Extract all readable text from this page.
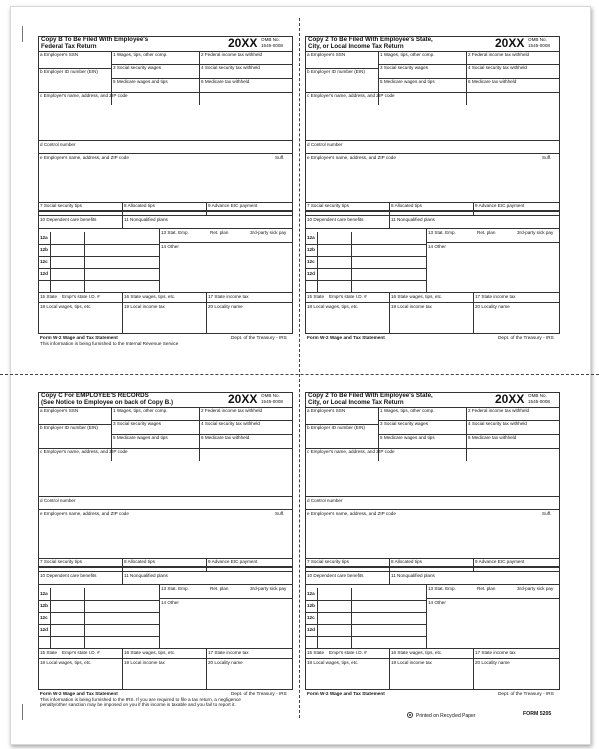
Copy B To Be Filed With Employee's
Federal Tax Return	20XX OMB No.
1545-0008
a Employee's SSN	1 Wages, tips, other comp.	2 Federal income tax withheld
3 Social security wages	4 Social security tax withheld
b Employer ID number (EIN)
5 Medicare wages and tips	6 Medicare tax withheld
c Employer's name, address, and ZIP code
d Control number
e Employee's name, address, and ZIP code	Suff.
7 Social security tips	8 Allocated tips	9 Advance EIC payment
10 Dependent care benefits	11 Nonqualified plans
13 Stat. Emp.	Ret. plan	3rd-party sick pay
14 Other
12a
12b
12c
12d
15 State Empr's state I.D. #	16 State wages, tips, etc.	17 State income tax
18 Local wages, tips, etc.	19 Local income tax	20 Locality name
Form W-2 Wage and Tax Statement	Dept. of the Treasury - IRS
This information is being furnished to the Internal Revenue Service
Copy 2 To Be Filed With Employee's State,
City, or Local Income Tax Return	20XX OMB No.
1545-0008
a Employee's SSN	1 Wages, tips, other comp.	2 Federal income tax withheld
3 Social security wages	4 Social security tax withheld
b Employer ID number (EIN)
5 Medicare wages and tips	6 Medicare tax withheld
c Employer's name, address, and ZIP code
d Control number
e Employee's name, address, and ZIP code	Suff.
7 Social security tips	8 Allocated tips	9 Advance EIC payment
10 Dependent care benefits	11 Nonqualified plans
13 Stat. Emp.	Ret. plan	3rd-party sick pay
14 Other
12a
12b
12c
12d
15 State Empr's state I.D. #	16 State wages, tips, etc.	17 State income tax
18 Local wages, tips, etc.	19 Local income tax	20 Locality name
Form W-2 Wage and Tax Statement	Dept. of the Treasury - IRS
Copy C For EMPLOYEE'S RECORDS
(See Notice to Employee on back of Copy B.)	20XX OMB No.
1545-0008
a Employee's SSN	1 Wages, tips, other comp.	2 Federal income tax withheld
3 Social security wages	4 Social security tax withheld
b Employer ID number (EIN)
5 Medicare wages and tips	6 Medicare tax withheld
c Employer's name, address, and ZIP code
d Control number
e Employee's name, address, and ZIP code	Suff.
7 Social security tips	8 Allocated tips	9 Advance EIC payment
10 Dependent care benefits	11 Nonqualified plans
13 Stat. Emp.	Ret. plan	3rd-party sick pay
14 Other
12a
12b
12c
12d
15 State Empr's state I.D. #	16 State wages, tips, etc.	17 State income tax
18 Local wages, tips, etc.	19 Local income tax	20 Locality name
Form W-2 Wage and Tax Statement	Dept. of the Treasury - IRS
This information is being furnished to the IRS. If you are required to file a tax return, a negligence
penalty/other sanction may be imposed on you if this income is taxable and you fail to report it.
Copy 2 To Be Filed With Employee's State,
City, or Local Income Tax Return	20XX OMB No.
1545-0008
a Employee's SSN	1 Wages, tips, other comp.	2 Federal income tax withheld
3 Social security wages	4 Social security tax withheld
b Employer ID number (EIN)
5 Medicare wages and tips	6 Medicare tax withheld
c Employer's name, address, and ZIP code
d Control number
e Employee's name, address, and ZIP code	Suff.
7 Social security tips	8 Allocated tips	9 Advance EIC payment
10 Dependent care benefits	11 Nonqualified plans
13 Stat. Emp.	Ret. plan	3rd-party sick pay
14 Other
12a
12b
12c
12d
15 State Empr's state I.D. #	16 State wages, tips, etc.	17 State income tax
18 Local wages, tips, etc.	19 Local income tax	20 Locality name
Form W-2 Wage and Tax Statement	Dept. of the Treasury - IRS
Printed on Recycled Paper	FORM 5205
